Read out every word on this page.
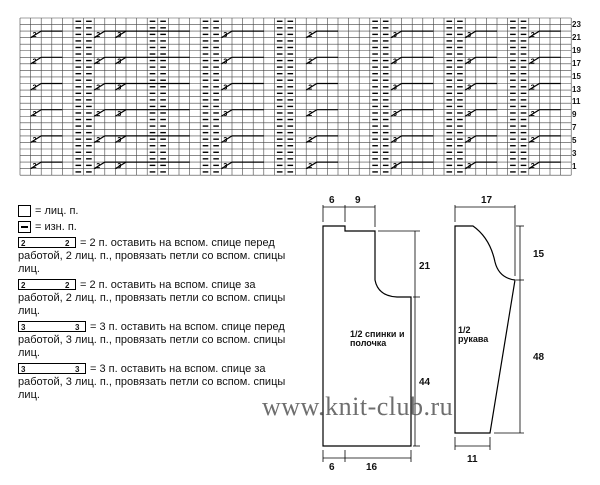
2	2	2	2
3	3	3	3
2	2	2	2
3	3	3	3
2	2	2	2
3	3	3	3
2	2	2	2
3	3	3	3
2	2	2	2
3	3	3	3
2	2	2	2
3	3	3	3
23
21
19
17
15
13
11
9
7
5
3
1
= лиц. п.
= изн. п.
2	2 = 2 п. оставить на вспом. спице перед работой, 2 лиц. п., провязать петли со вспом. спицы лиц.
2	2 = 2 п. оставить на вспом. спице за работой, 2 лиц. п., провязать петли со вспом. спицы лиц.
3	3 = 3 п. оставить на вспом. спице перед работой, 3 лиц. п., провязать петли со вспом. спицы лиц.
3	3 = 3 п. оставить на вспом. спице за работой, 3 лиц. п., провязать петли со вспом. спицы лиц.
6 9
21
44
6	16
17
15
48
11
1/2 спинки и полочка
1/2 рукава
www.knit-club.ru
